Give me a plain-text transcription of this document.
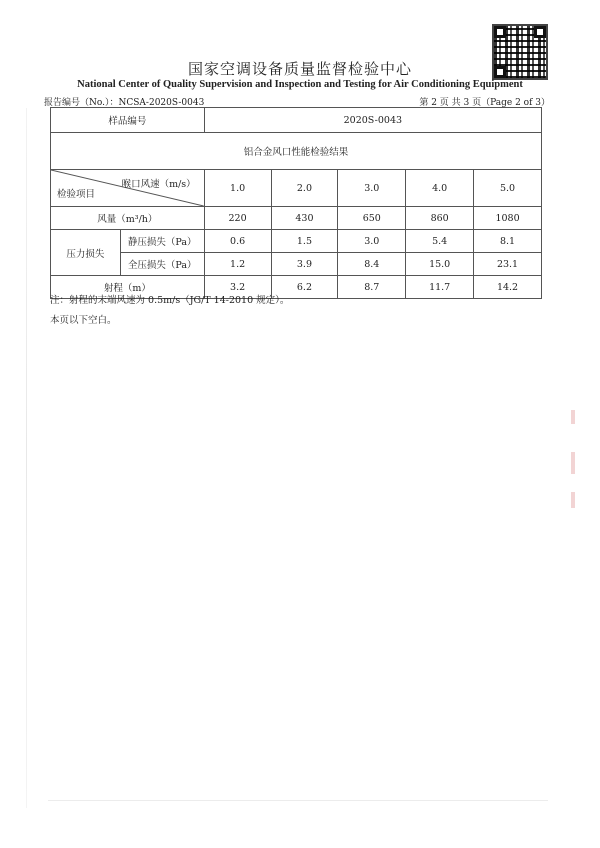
国家空调设备质量监督检验中心
National Center of Quality Supervision and Inspection and Testing for Air Conditioning Equipment
报告编号（No.）：NCSA-2020S-0043	第 2 页 共 3 页（Page 2 of 3）
样品编号		2020S-0043				
铝合金风口性能检验结果						

喉口风速（m/s）
检验项目		1.0	2.0	3.0	4.0	5.0
风量（m³/h）		220	430	650	860	1080
压力损失	静压损失（Pa）	0.6	1.5	3.0	5.4	8.1
	全压损失（Pa）	1.2	3.9	8.4	15.0	23.1
射程（m）		3.2	6.2	8.7	11.7	14.2
注：射程的末端风速为 0.5m/s（JG/T 14-2010 规定）。
本页以下空白。
